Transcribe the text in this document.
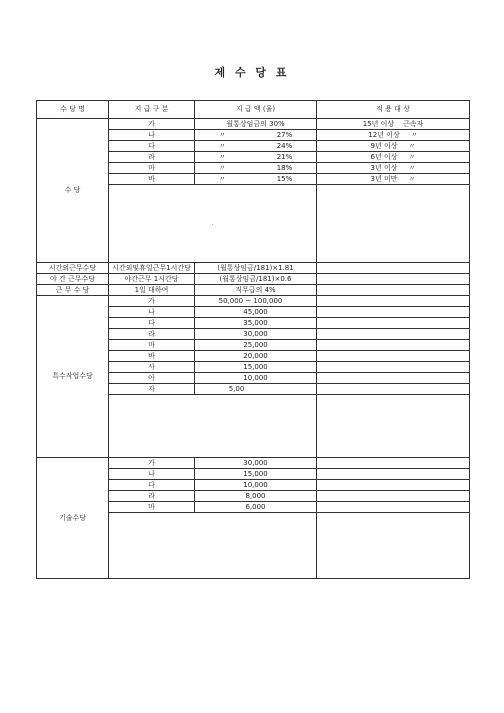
제 수 당 표
수 당 명	지 급 구 분	지 급 액 (율)	적 용 대 상
수 당	가	월통상임금의 30%	15년 이상 근속자
	나	〃 27%	12년 이상 〃
	다	〃 24%	9년 이상 〃
	라	〃 21%	6년 이상 〃
	마	〃 18%	3년 이상 〃
	바	〃 15%	3년 미만 〃
	.		
시간외근무수당	시간외및휴일근무1시간당	(월통상임금/181)×1.81	
야 간 근무수당	야간근무 1시간당	(월통상임금/181)×0.6	
근 무 수 당	1일 대하여	직무급의 4%	
특수작업수당	가	50,000 ~ 100,000	
	나	45,000	
	다	35,000	
	라	30,000	
	마	25,000	
	바	20,000	
	사	15,000	
	아	10,000	
	자	5,00	

기술수당	가	30,000	
	나	15,000	
	다	10,000	
	라	8,000	
	마	6,000	
